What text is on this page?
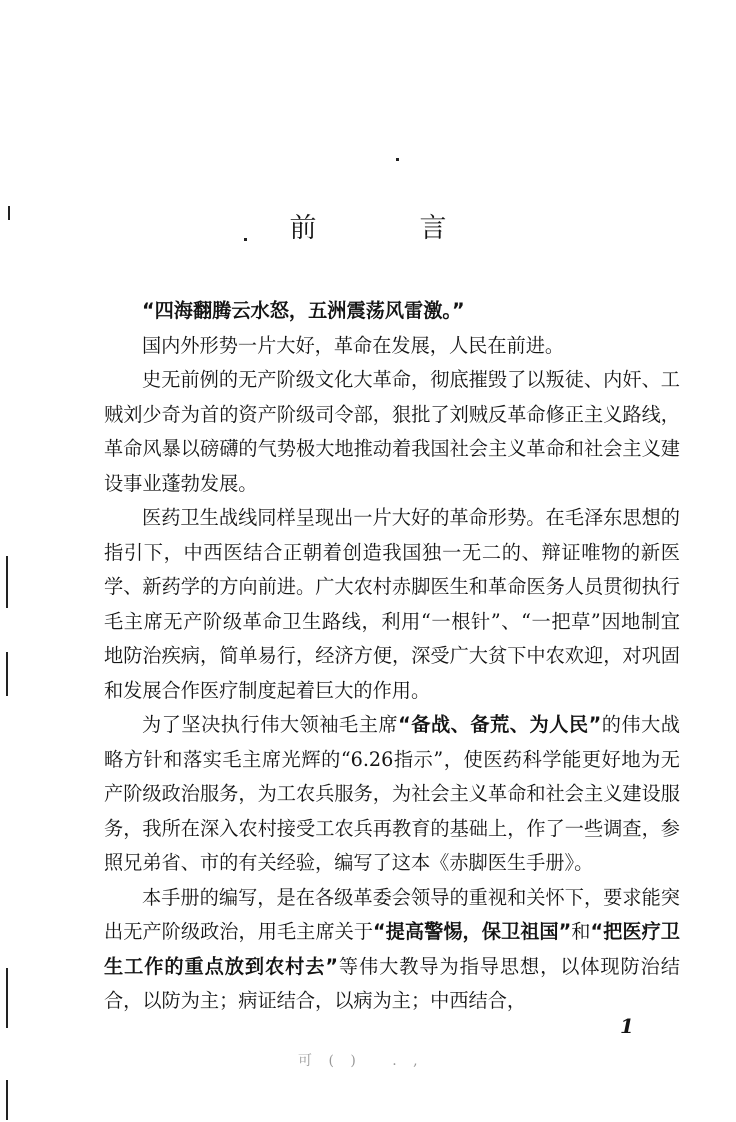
前　言

“四海翻腾云水怒，五洲震荡风雷激。”

国内外形势一片大好，革命在发展，人民在前进。

史无前例的无产阶级文化大革命，彻底摧毁了以叛徒、内奸、工贼刘少奇为首的资产阶级司令部，狠批了刘贼反革命修正主义路线，革命风暴以磅礴的气势极大地推动着我国社会主义革命和社会主义建设事业蓬勃发展。

医药卫生战线同样呈现出一片大好的革命形势。在毛泽东思想的指引下，中西医结合正朝着创造我国独一无二的、辩证唯物的新医学、新药学的方向前进。广大农村赤脚医生和革命医务人员贯彻执行毛主席无产阶级革命卫生路线，利用“一根针”、“一把草”因地制宜地防治疾病，简单易行，经济方便，深受广大贫下中农欢迎，对巩固和发展合作医疗制度起着巨大的作用。

为了坚决执行伟大领袖毛主席“备战、备荒、为人民”的伟大战略方针和落实毛主席光辉的“6.26指示”，使医药科学能更好地为无产阶级政治服务，为工农兵服务，为社会主义革命和社会主义建设服务，我所在深入农村接受工农兵再教育的基础上，作了一些调查，参照兄弟省、市的有关经验，编写了这本《赤脚医生手册》。

本手册的编写，是在各级革委会领导的重视和关怀下，要求能突出无产阶级政治，用毛主席关于“提高警惕，保卫祖国”和“把医疗卫生工作的重点放到农村去”等伟大教导为指导思想，以体现防治结合，以防为主；病证结合，以病为主；中西结合，

1
可 ( ) 　. ,
